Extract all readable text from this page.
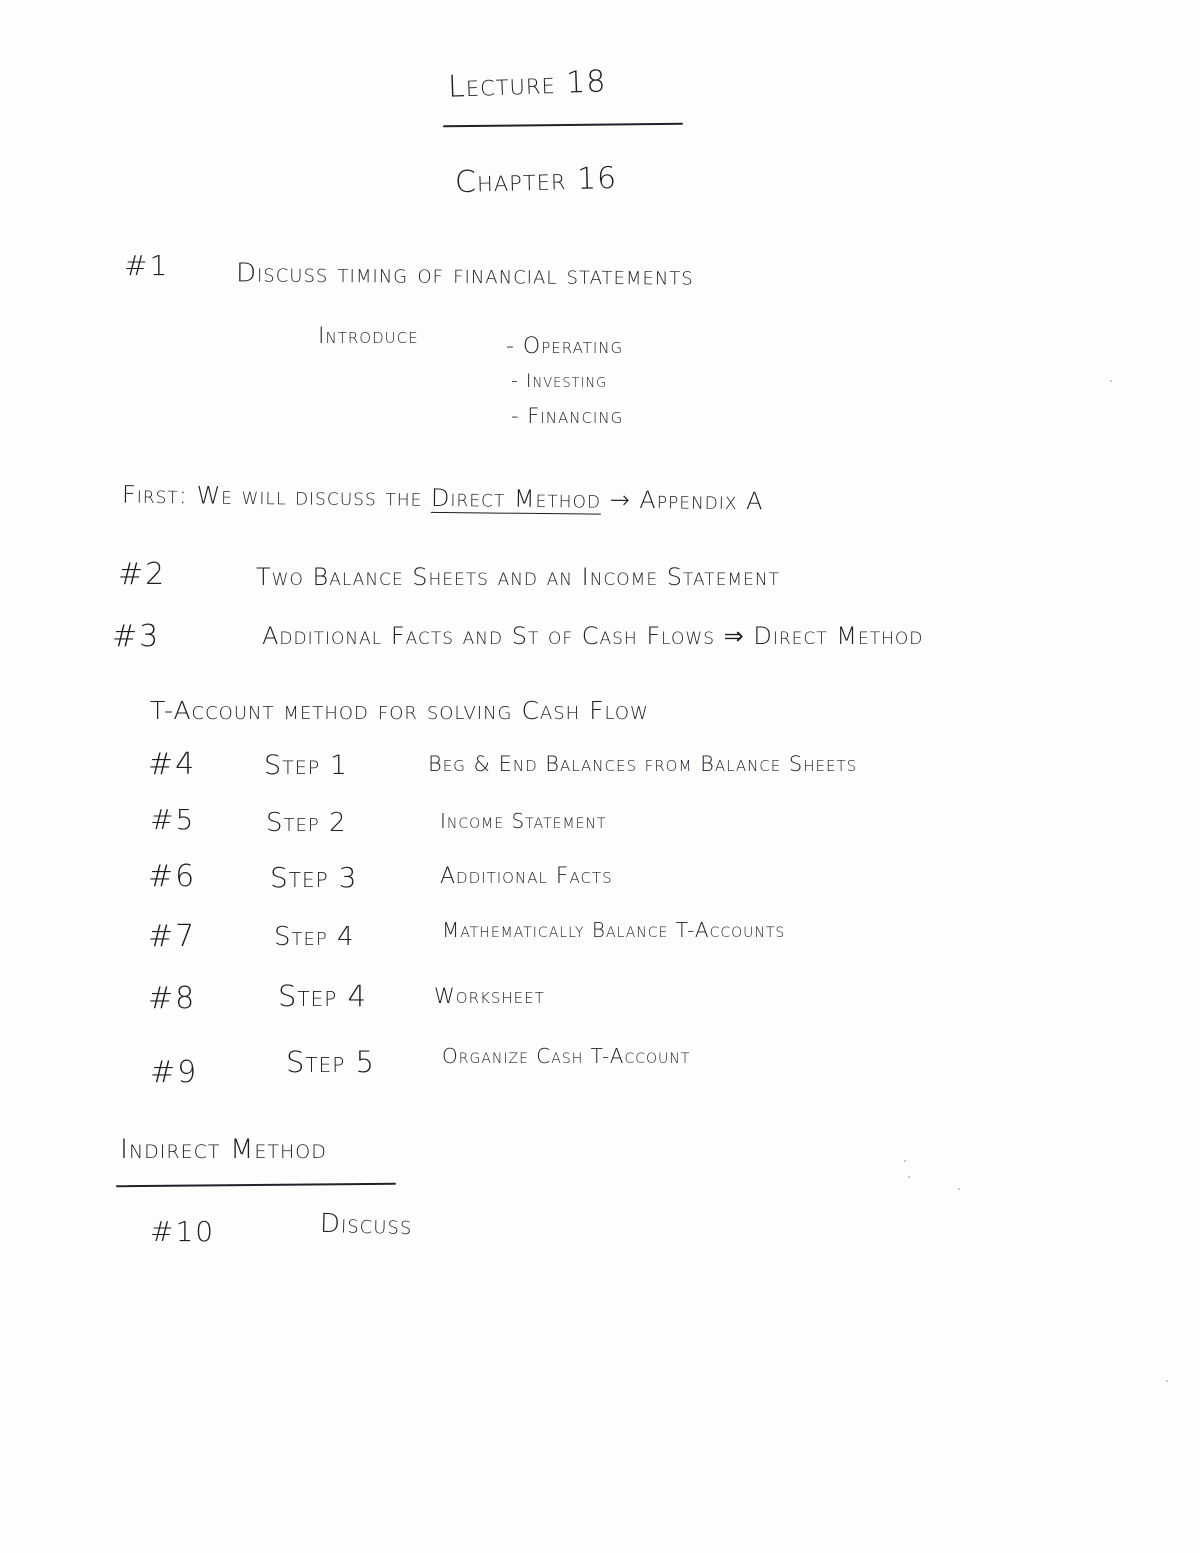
Lecture 18
Chapter 16
#1	Discuss timing of financial statements
Introduce	- Operating
- Investing
- Financing
First: We will discuss the Direct Method → Appendix A
#2	Two Balance Sheets and an Income Statement
#3	Additional Facts and St of Cash Flows ⇒ Direct Method
T-Account method for solving Cash Flow
#4	Step 1	Beg & End Balances from Balance Sheets
#5	Step 2	Income Statement
#6	Step 3	Additional Facts
#7	Step 4	Mathematically Balance T-Accounts
#8	Step 4	Worksheet
#9	Step 5	Organize Cash T-Account
Indirect Method
#10	Discuss
